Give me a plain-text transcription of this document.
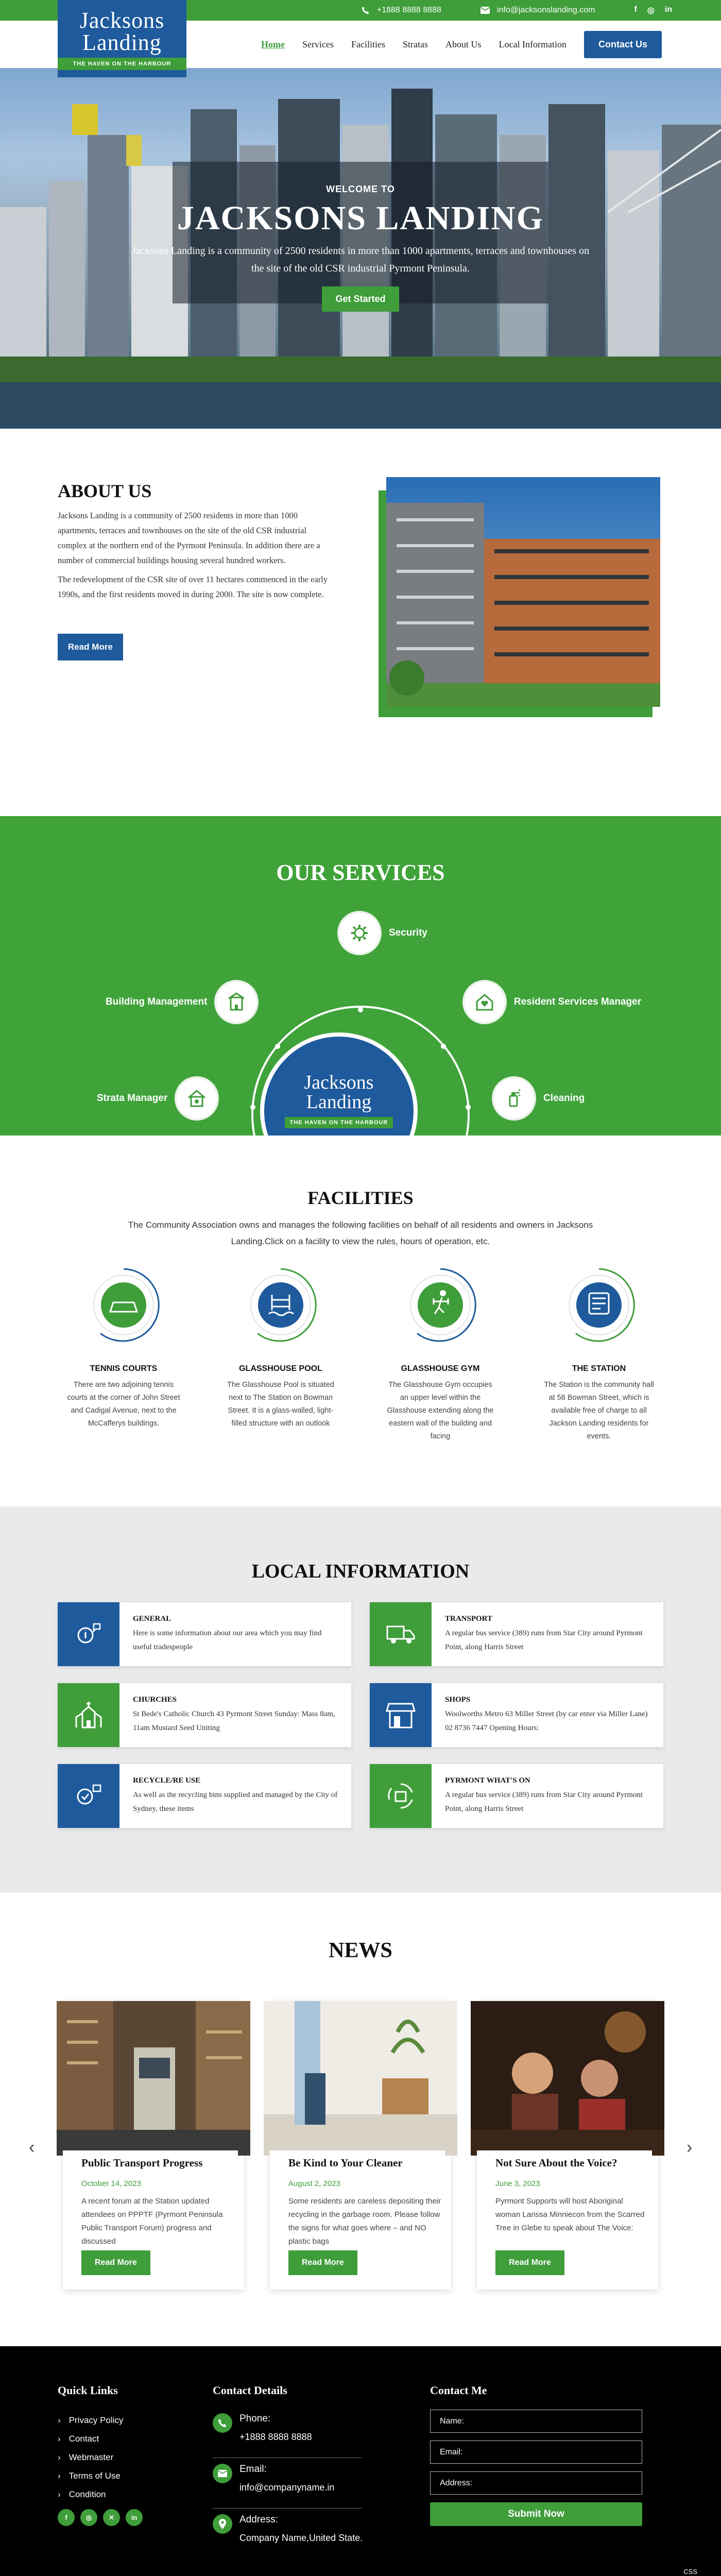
+1888 8888 8888	info@jacksonslanding.com	f ◎ in
Jacksons
Landing
THE HAVEN ON THE HARBOUR
Home Services Facilities Stratas About Us Local Information	Contact Us
WELCOME TO
JACKSONS LANDING

Jacksons Landing is a community of 2500 residents in more than 1000 apartments, terraces and townhouses on the site of the old CSR industrial Pyrmont Peninsula.

Get Started
ABOUT US

Jacksons Landing is a community of 2500 residents in more than 1000 apartments, terraces and townhouses on the site of the old CSR industrial complex at the northern end of the Pyrmont Peninsula. In addition there are a number of commercial buildings housing several hundred workers.

The redevelopment of the CSR site of over 11 hectares commenced in the early 1990s, and the first residents moved in during 2000. The site is now complete.

Read More
OUR SERVICES
Jacksons
Landing
THE HAVEN ON THE HARBOUR
Security
Building Management	Resident Services Manager
Strata Manager	Cleaning
FACILITIES

The Community Association owns and manages the following facilities on behalf of all residents and owners in Jacksons Landing.Click on a facility to view the rules, hours of operation, etc.

TENNIS COURTS

There are two adjoining tennis courts at the corner of John Street and Cadigal Avenue, next to the McCafferys buildings.

GLASSHOUSE POOL

The Glasshouse Pool is situated next to The Station on Bowman Street. It is a glass-walled, light-filled structure with an outlook

GLASSHOUSE GYM

The Glasshouse Gym occupies an upper level within the Glasshouse extending along the eastern wall of the building and facing

THE STATION

The Station is the community hall at 58 Bowman Street, which is available free of charge to all Jackson Landing residents for events.

LOCAL INFORMATION
GENERAL

Here is some information about our area which you may find useful tradespeople

TRANSPORT

A regular bus service (389) runs from Star City around Pyrmont Point, along Harris Street

CHURCHES

St Bede's Catholic Church 43 Pyrmont Street Sunday: Mass 8am, 11am Mustard Seed Uniting

SHOPS

Woolworths Metro 63 Miller Street (by car enter via Miller Lane) 02 8736 7447 Opening Hours:

RECYCLE/RE USE

As well as the recycling bins supplied and managed by the City of Sydney, these items

PYRMONT WHAT'S ON

A regular bus service (389) runs from Star City around Pyrmont Point, along Harris Street

NEWS
‹	›
Public Transport Progress
October 14, 2023

A recent forum at the Station updated attendees on PPPTF (Pyrmont Peninsula Public Transport Forum) progress and discussed

Read More
Be Kind to Your Cleaner
August 2, 2023

Some residents are careless depositing their recycling in the garbage room. Please follow the signs for what goes where – and NO plastic bags

Read More
Not Sure About the Voice?
June 3, 2023

Pyrmont Supports will host Aboriginal woman Larissa Minniecon from the Scarred Tree in Glebe to speak about The Voice:

Read More
Quick Links
› Privacy Policy
› Contact
› Webmaster
› Terms of Use
› Condition
f	◎	✕	in
Contact Details
Phone:
+1888 8888 8888
Email:
info@companyname.in
Address:
Company Name,United State.
Contact Me
Name:
Email:
Address: Submit Now
CSS
